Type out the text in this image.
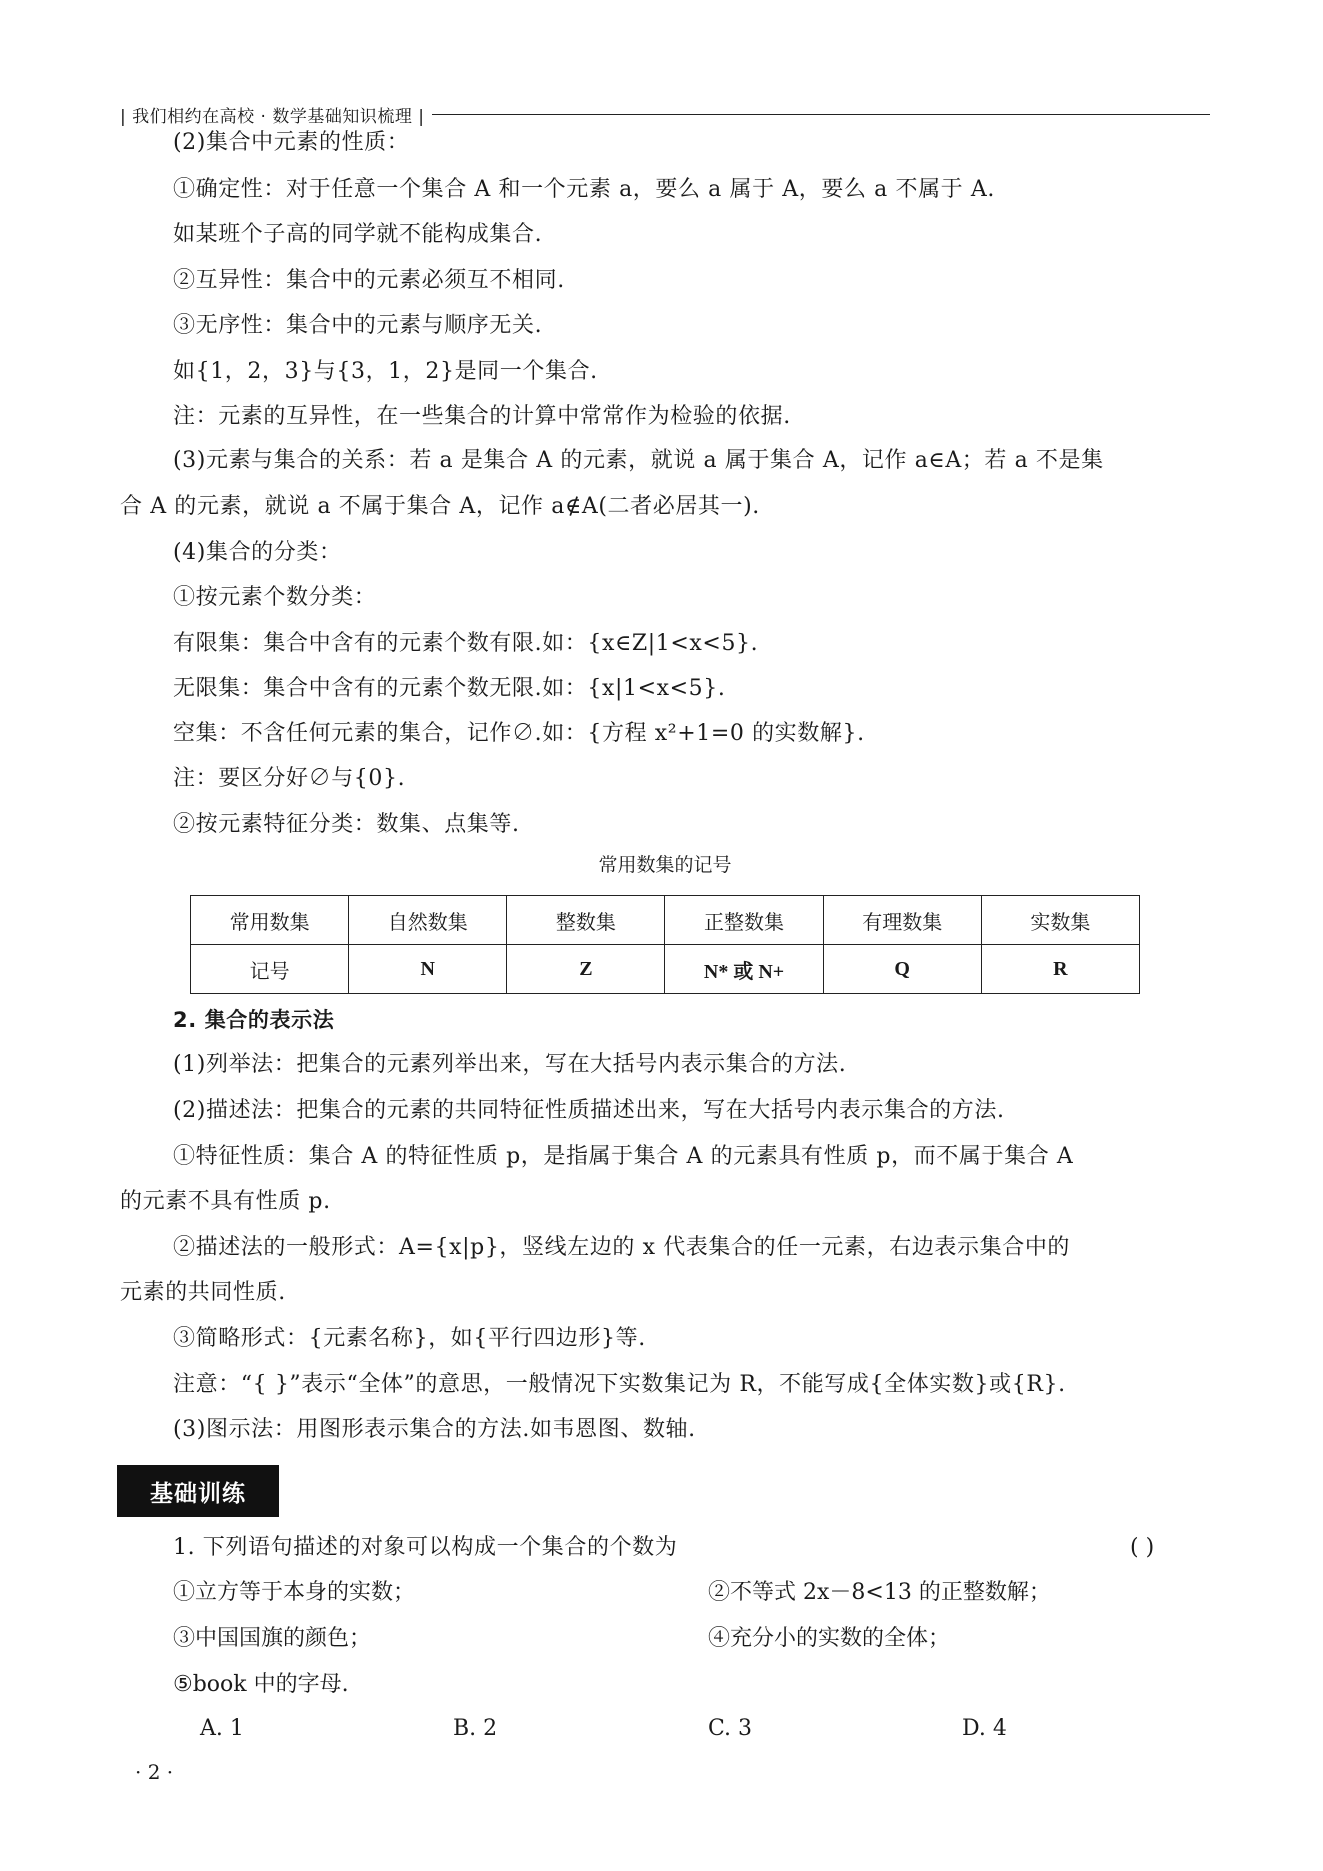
| 我们相约在高校 · 数学基础知识梳理 |
(2)集合中元素的性质：
①确定性：对于任意一个集合 A 和一个元素 a，要么 a 属于 A，要么 a 不属于 A.
如某班个子高的同学就不能构成集合.
②互异性：集合中的元素必须互不相同.
③无序性：集合中的元素与顺序无关.
如{1，2，3}与{3，1，2}是同一个集合.
注：元素的互异性，在一些集合的计算中常常作为检验的依据.
(3)元素与集合的关系：若 a 是集合 A 的元素，就说 a 属于集合 A，记作 a∈A；若 a 不是集
合 A 的元素，就说 a 不属于集合 A，记作 a∉A(二者必居其一).
(4)集合的分类：
①按元素个数分类：
有限集：集合中含有的元素个数有限.如：{x∈Z|1<x<5}.
无限集：集合中含有的元素个数无限.如：{x|1<x<5}.
空集：不含任何元素的集合，记作∅.如：{方程 x²+1=0 的实数解}.
注：要区分好∅与{0}.
②按元素特征分类：数集、点集等.
常用数集的记号
常用数集	自然数集	整数集	正整数集	有理数集	实数集
记号	N	Z	N* 或 N+	Q	R
2. 集合的表示法
(1)列举法：把集合的元素列举出来，写在大括号内表示集合的方法.
(2)描述法：把集合的元素的共同特征性质描述出来，写在大括号内表示集合的方法.
①特征性质：集合 A 的特征性质 p，是指属于集合 A 的元素具有性质 p，而不属于集合 A
的元素不具有性质 p.
②描述法的一般形式：A={x|p}，竖线左边的 x 代表集合的任一元素，右边表示集合中的
元素的共同性质.
③简略形式：{元素名称}，如{平行四边形}等.
注意：“{ }”表示“全体”的意思，一般情况下实数集记为 R，不能写成{全体实数}或{R}.
(3)图示法：用图形表示集合的方法.如韦恩图、数轴.
基础训练
1. 下列语句描述的对象可以构成一个集合的个数为	( )
①立方等于本身的实数；	②不等式 2x－8<13 的正整数解；
③中国国旗的颜色；	④充分小的实数的全体；
⑤book 中的字母.
A. 1	B. 2	C. 3	D. 4
· 2 ·
